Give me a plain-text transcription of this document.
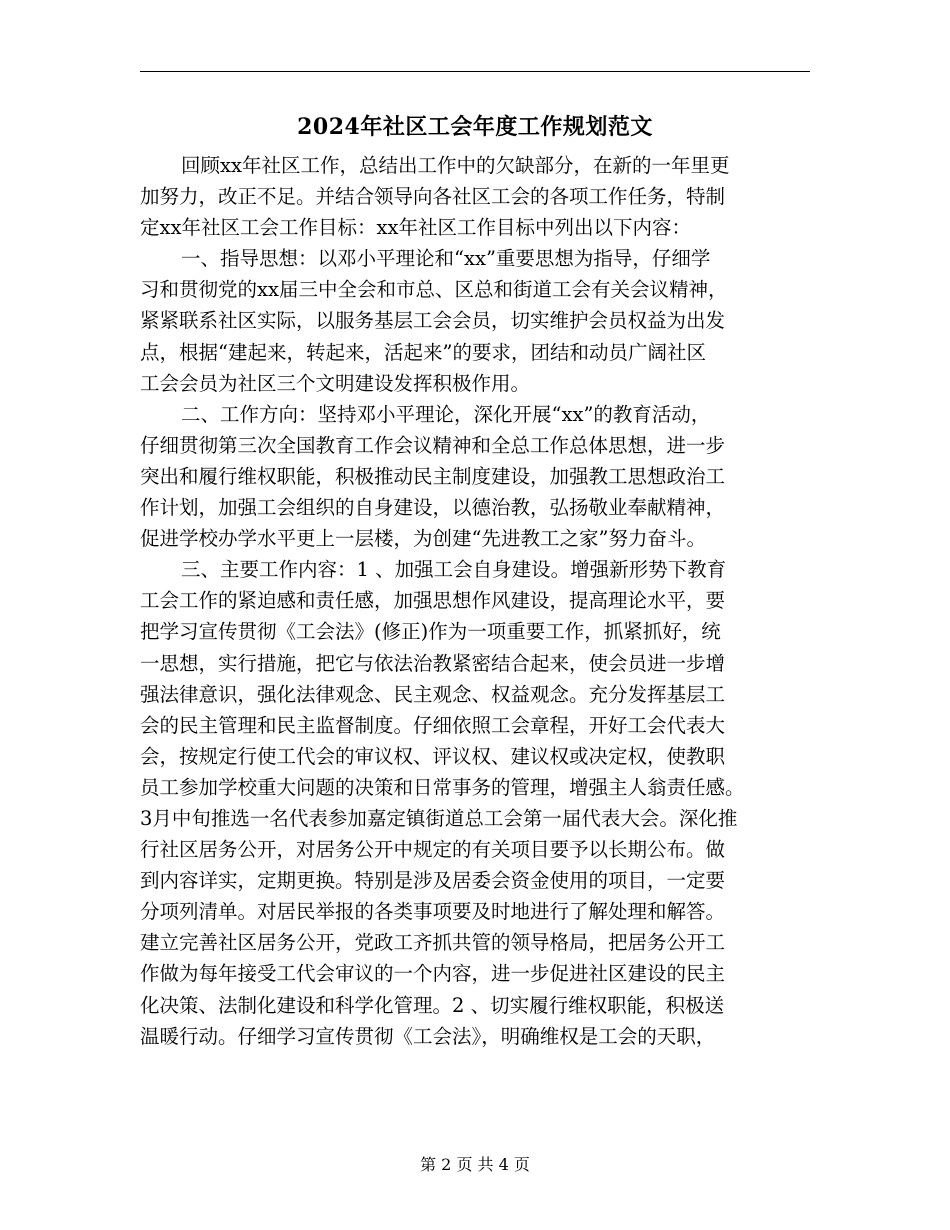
2024年社区工会年度工作规划范文

回顾xx年社区工作，总结出工作中的欠缺部分，在新的一年里更
加努力，改正不足。并结合领导向各社区工会的各项工作任务，特制
定xx年社区工会工作目标：xx年社区工作目标中列出以下内容：

一、指导思想：以邓小平理论和“xx”重要思想为指导，仔细学
习和贯彻党的xx届三中全会和市总、区总和街道工会有关会议精神，
紧紧联系社区实际，以服务基层工会会员，切实维护会员权益为出发
点，根据“建起来，转起来，活起来”的要求，团结和动员广阔社区
工会会员为社区三个文明建设发挥积极作用。

二、工作方向：坚持邓小平理论，深化开展“xx”的教育活动，
仔细贯彻第三次全国教育工作会议精神和全总工作总体思想，进一步
突出和履行维权职能，积极推动民主制度建设，加强教工思想政治工
作计划，加强工会组织的自身建设，以德治教，弘扬敬业奉献精神，
促进学校办学水平更上一层楼，为创建“先进教工之家”努力奋斗。

三、主要工作内容：1 、加强工会自身建设。增强新形势下教育
工会工作的紧迫感和责任感，加强思想作风建设，提高理论水平，要
把学习宣传贯彻《工会法》(修正)作为一项重要工作，抓紧抓好，统
一思想，实行措施，把它与依法治教紧密结合起来，使会员进一步增
强法律意识，强化法律观念、民主观念、权益观念。充分发挥基层工
会的民主管理和民主监督制度。仔细依照工会章程，开好工会代表大
会，按规定行使工代会的审议权、评议权、建议权或决定权，使教职
员工参加学校重大问题的决策和日常事务的管理，增强主人翁责任感。
3月中旬推选一名代表参加嘉定镇街道总工会第一届代表大会。深化推
行社区居务公开，对居务公开中规定的有关项目要予以长期公布。做
到内容详实，定期更换。特别是涉及居委会资金使用的项目，一定要
分项列清单。对居民举报的各类事项要及时地进行了解处理和解答。
建立完善社区居务公开，党政工齐抓共管的领导格局，把居务公开工
作做为每年接受工代会审议的一个内容，进一步促进社区建设的民主
化决策、法制化建设和科学化管理。2 、切实履行维权职能，积极送
温暖行动。仔细学习宣传贯彻《工会法》，明确维权是工会的天职，

第 2 页 共 4 页
